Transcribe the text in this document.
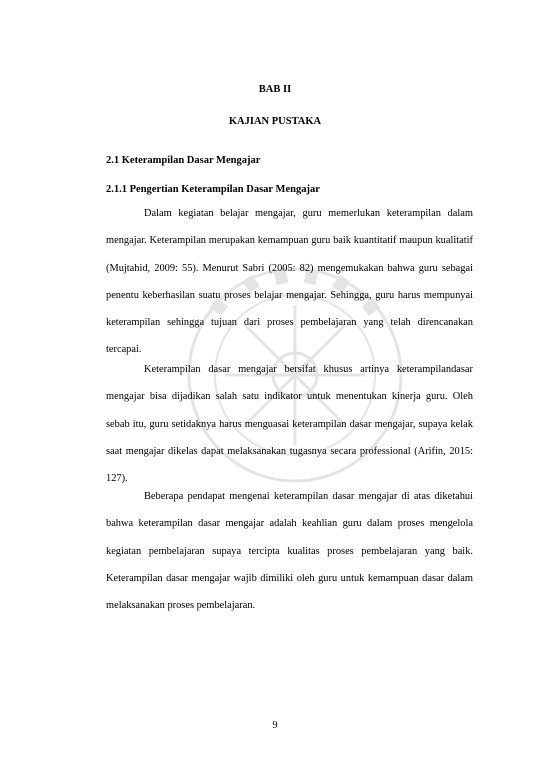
BAB II
KAJIAN PUSTAKA
2.1 Keterampilan Dasar Mengajar
2.1.1 Pengertian Keterampilan Dasar Mengajar

Dalam kegiatan belajar mengajar, guru memerlukan keterampilan dalam mengajar. Keterampilan merupakan kemampuan guru baik kuantitatif maupun kualitatif (Mujtahid, 2009: 55). Menurut Sabri (2005: 82) mengemukakan bahwa guru sebagai penentu keberhasilan suatu proses belajar mengajar. Sehingga, guru harus mempunyai keterampilan sehingga tujuan dari proses pembelajaran yang telah direncanakan tercapai.

Keterampilan dasar mengajar bersifat khusus artinya keterampilandasar mengajar bisa dijadikan salah satu indikator untuk menentukan kinerja guru. Oleh sebab itu, guru setidaknya harus menguasai keterampilan dasar mengajar, supaya kelak saat mengajar dikelas dapat melaksanakan tugasnya secara professional (Arifin, 2015: 127).

Beberapa pendapat mengenai keterampilan dasar mengajar di atas diketahui bahwa keterampilan dasar mengajar adalah keahlian guru dalam proses mengelola kegiatan pembelajaran supaya tercipta kualitas proses pembelajaran yang baik. Keterampilan dasar mengajar wajib dimiliki oleh guru untuk kemampuan dasar dalam melaksanakan proses pembelajaran.

9
